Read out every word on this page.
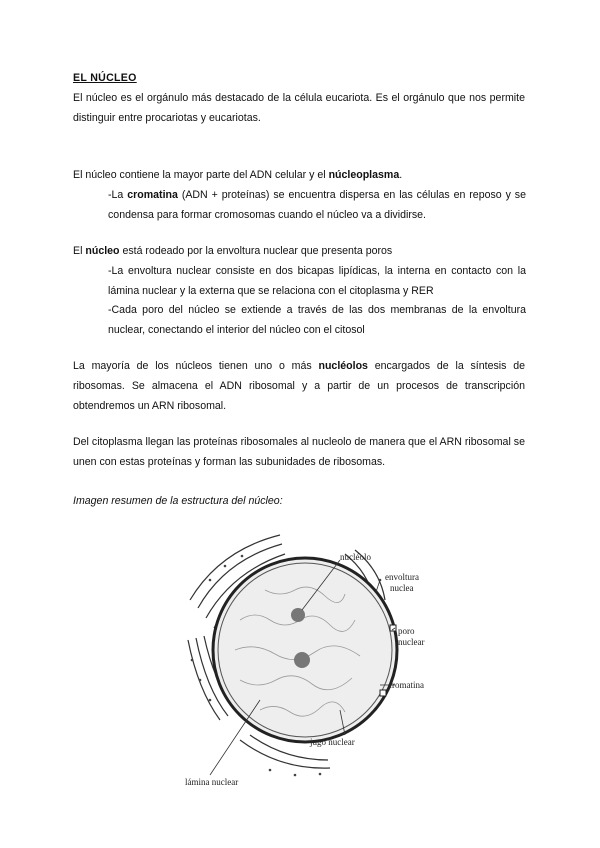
EL NÚCLEO
El núcleo es el orgánulo más destacado de la célula eucariota. Es el orgánulo que nos permite distinguir entre procariotas y eucariotas.
El núcleo contiene la mayor parte del ADN celular y el núcleoplasma.
-La cromatina (ADN + proteínas) se encuentra dispersa en las células en reposo y se condensa para formar cromosomas cuando el núcleo va a dividirse.
El núcleo está rodeado por la envoltura nuclear que presenta poros
-La envoltura nuclear consiste en dos bicapas lipídicas, la interna en contacto con la lámina nuclear y la externa que se relaciona con el citoplasma y RER
-Cada poro del núcleo se extiende a través de las dos membranas de la envoltura nuclear, conectando el interior del núcleo con el citosol
La mayoría de los núcleos tienen uno o más nucléolos encargados de la síntesis de ribosomas. Se almacena el ADN ribosomal y a partir de un procesos de transcripción obtendremos un ARN ribosomal.
Del citoplasma llegan las proteínas ribosomales al nucleolo de manera que el ARN ribosomal se unen con estas proteínas y forman las subunidades de ribosomas.
Imagen resumen de la estructura del núcleo:
nucléolo
envoltura
nuclea
poro
nuclear
cromatina
jugo nuclear
lámina nuclear
